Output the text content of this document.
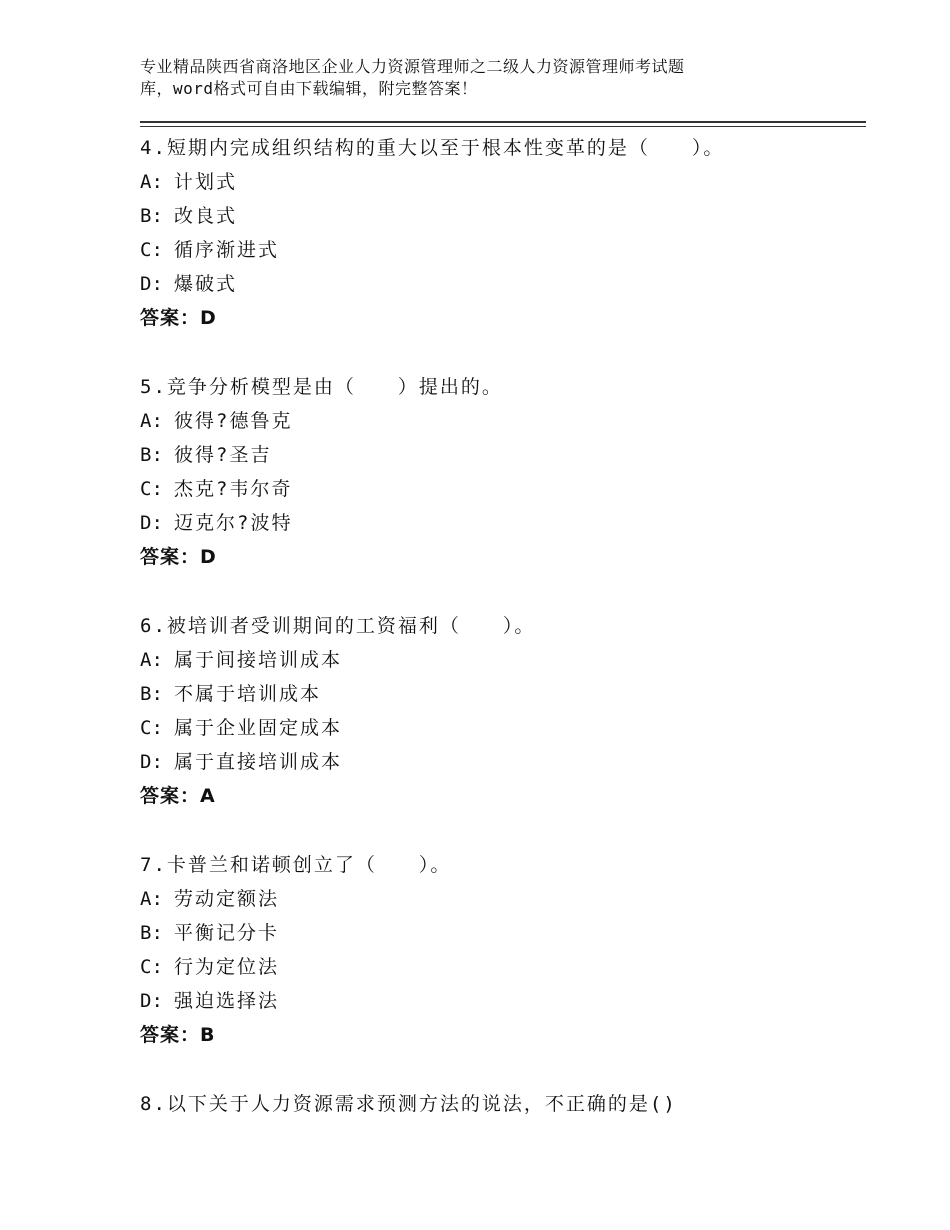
专业精品陕西省商洛地区企业人力资源管理师之二级人力资源管理师考试题
库，word格式可自由下载编辑，附完整答案！
4.短期内完成组织结构的重大以至于根本性变革的是（　　）。
A: 计划式
B: 改良式
C: 循序渐进式
D: 爆破式
答案：D
5.竞争分析模型是由（　　）提出的。
A: 彼得?德鲁克
B: 彼得?圣吉
C: 杰克?韦尔奇
D: 迈克尔?波特
答案：D
6.被培训者受训期间的工资福利（　　）。
A: 属于间接培训成本
B: 不属于培训成本
C: 属于企业固定成本
D: 属于直接培训成本
答案：A
7.卡普兰和诺顿创立了（　　）。
A: 劳动定额法
B: 平衡记分卡
C: 行为定位法
D: 强迫选择法
答案：B
8.以下关于人力资源需求预测方法的说法，不正确的是()
